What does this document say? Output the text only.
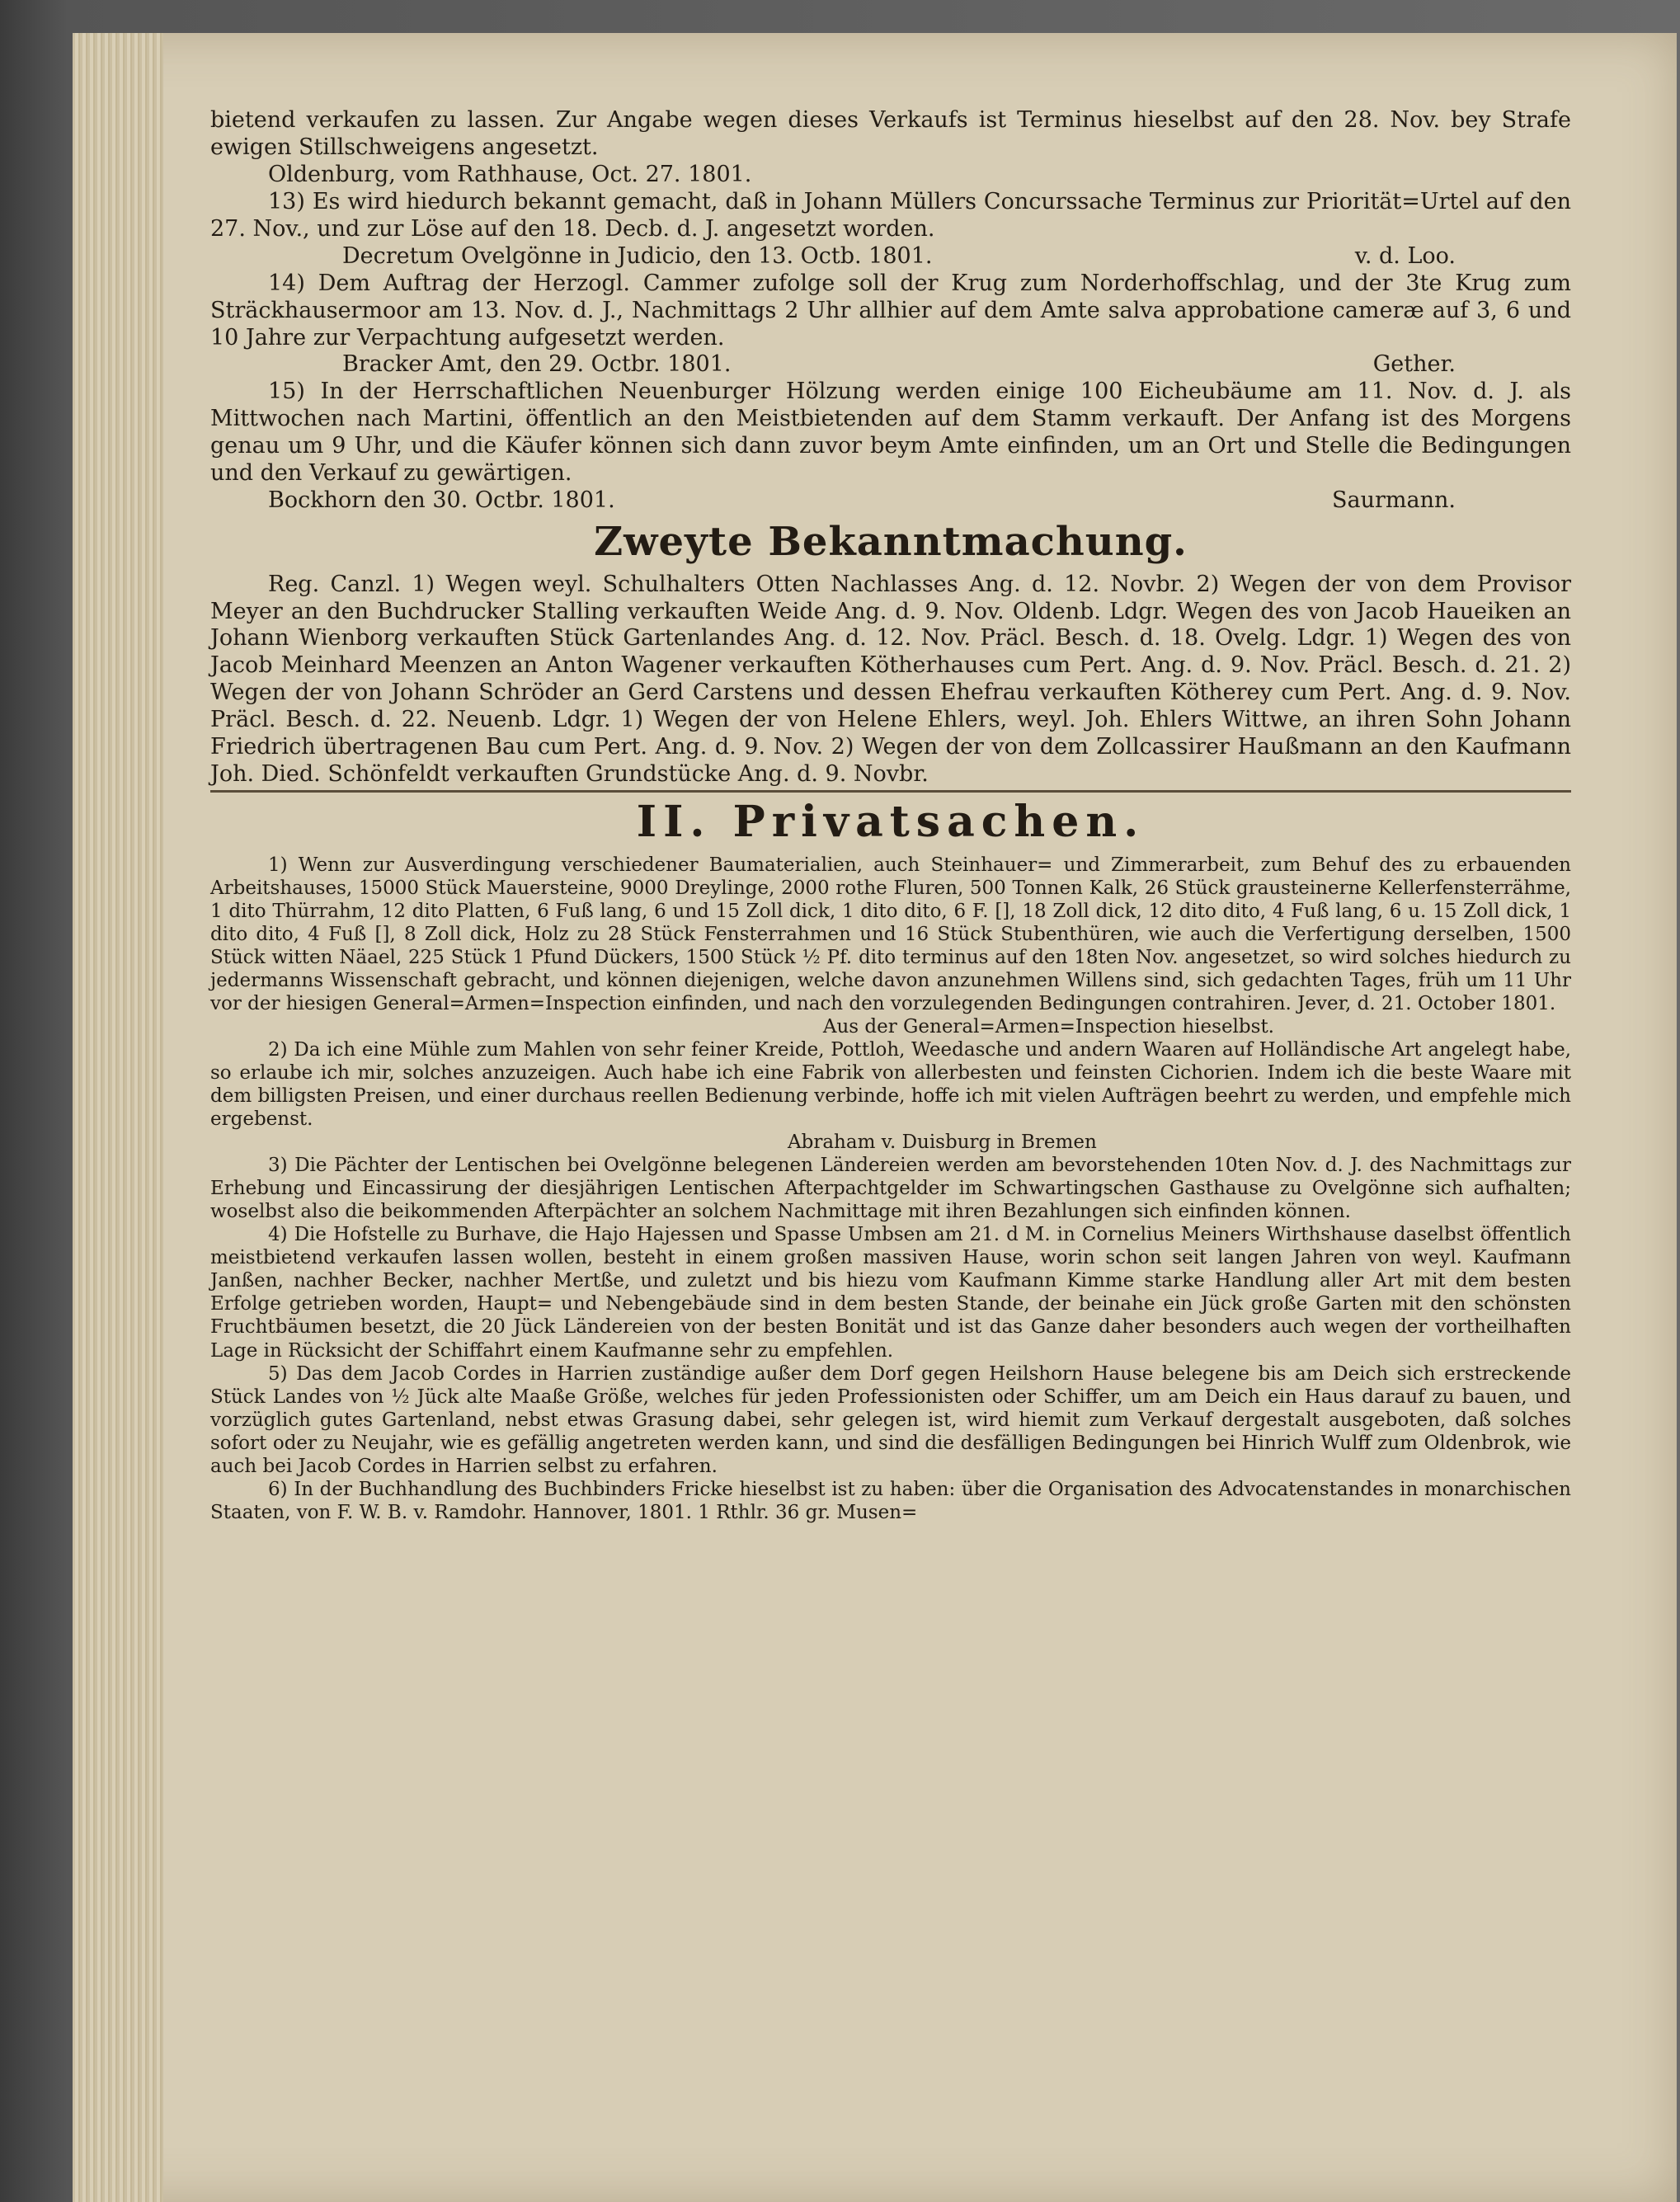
bietend verkaufen zu lassen. Zur Angabe wegen dieses Verkaufs ist Terminus hieselbst auf den 28. Nov. bey Strafe ewigen Stillschweigens angesetzt.

Oldenburg, vom Rathhause, Oct. 27. 1801.

13) Es wird hiedurch bekannt gemacht, daß in Johann Müllers Concurssache Terminus zur Priorität=Urtel auf den 27. Nov., und zur Löse auf den 18. Decb. d. J. angesetzt worden.

Decretum Ovelgönne in Judicio, den 13. Octb. 1801.	v. d. Loo.

14) Dem Auftrag der Herzogl. Cammer zufolge soll der Krug zum Norderhoffschlag, und der 3te Krug zum Sträckhausermoor am 13. Nov. d. J., Nachmittags 2 Uhr allhier auf dem Amte salva approbatione cameræ auf 3, 6 und 10 Jahre zur Verpachtung aufgesetzt werden.

Bracker Amt, den 29. Octbr. 1801.	Gether.

15) In der Herrschaftlichen Neuenburger Hölzung werden einige 100 Eicheubäume am 11. Nov. d. J. als Mittwochen nach Martini, öffentlich an den Meistbietenden auf dem Stamm verkauft. Der Anfang ist des Morgens genau um 9 Uhr, und die Käufer können sich dann zuvor beym Amte einfinden, um an Ort und Stelle die Bedingungen und den Verkauf zu gewärtigen.

Bockhorn den 30. Octbr. 1801.	Saurmann.
Zweyte Bekanntmachung.

Reg. Canzl. 1) Wegen weyl. Schulhalters Otten Nachlasses Ang. d. 12. Novbr. 2) Wegen der von dem Provisor Meyer an den Buchdrucker Stalling verkauften Weide Ang. d. 9. Nov. Oldenb. Ldgr. Wegen des von Jacob Haueiken an Johann Wienborg verkauften Stück Gartenlandes Ang. d. 12. Nov. Präcl. Besch. d. 18. Ovelg. Ldgr. 1) Wegen des von Jacob Meinhard Meenzen an Anton Wagener verkauften Kötherhauses cum Pert. Ang. d. 9. Nov. Präcl. Besch. d. 21. 2) Wegen der von Johann Schröder an Gerd Carstens und dessen Ehefrau verkauften Kötherey cum Pert. Ang. d. 9. Nov. Präcl. Besch. d. 22. Neuenb. Ldgr. 1) Wegen der von Helene Ehlers, weyl. Joh. Ehlers Wittwe, an ihren Sohn Johann Friedrich übertragenen Bau cum Pert. Ang. d. 9. Nov. 2) Wegen der von dem Zollcassirer Haußmann an den Kaufmann Joh. Died. Schönfeldt verkauften Grundstücke Ang. d. 9. Novbr.

II. Privatsachen.

1) Wenn zur Ausverdingung verschiedener Baumaterialien, auch Steinhauer= und Zimmerarbeit, zum Behuf des zu erbauenden Arbeitshauses, 15000 Stück Mauersteine, 9000 Dreylinge, 2000 rothe Fluren, 500 Tonnen Kalk, 26 Stück grausteinerne Kellerfensterrähme, 1 dito Thürrahm, 12 dito Platten, 6 Fuß lang, 6 und 15 Zoll dick, 1 dito dito, 6 F. [], 18 Zoll dick, 12 dito dito, 4 Fuß lang, 6 u. 15 Zoll dick, 1 dito dito, 4 Fuß [], 8 Zoll dick, Holz zu 28 Stück Fensterrahmen und 16 Stück Stubenthüren, wie auch die Verfertigung derselben, 1500 Stück witten Näael, 225 Stück 1 Pfund Dückers, 1500 Stück ½ Pf. dito terminus auf den 18ten Nov. angesetzet, so wird solches hiedurch zu jedermanns Wissenschaft gebracht, und können diejenigen, welche davon anzunehmen Willens sind, sich gedachten Tages, früh um 11 Uhr vor der hiesigen General=Armen=Inspection einfinden, und nach den vorzulegenden Bedingungen contrahiren. Jever, d. 21. October 1801.

Aus der General=Armen=Inspection hieselbst.

2) Da ich eine Mühle zum Mahlen von sehr feiner Kreide, Pottloh, Weedasche und andern Waaren auf Holländische Art angelegt habe, so erlaube ich mir, solches anzuzeigen. Auch habe ich eine Fabrik von allerbesten und feinsten Cichorien. Indem ich die beste Waare mit dem billigsten Preisen, und einer durchaus reellen Bedienung verbinde, hoffe ich mit vielen Aufträgen beehrt zu werden, und empfehle mich ergebenst.

Abraham v. Duisburg in Bremen

3) Die Pächter der Lentischen bei Ovelgönne belegenen Ländereien werden am bevorstehenden 10ten Nov. d. J. des Nachmittags zur Erhebung und Eincassirung der diesjährigen Lentischen Afterpachtgelder im Schwartingschen Gasthause zu Ovelgönne sich aufhalten; woselbst also die beikommenden Afterpächter an solchem Nachmittage mit ihren Bezahlungen sich einfinden können.

4) Die Hofstelle zu Burhave, die Hajo Hajessen und Spasse Umbsen am 21. d M. in Cornelius Meiners Wirthshause daselbst öffentlich meistbietend verkaufen lassen wollen, besteht in einem großen massiven Hause, worin schon seit langen Jahren von weyl. Kaufmann Janßen, nachher Becker, nachher Mertße, und zuletzt und bis hiezu vom Kaufmann Kimme starke Handlung aller Art mit dem besten Erfolge getrieben worden, Haupt= und Nebengebäude sind in dem besten Stande, der beinahe ein Jück große Garten mit den schönsten Fruchtbäumen besetzt, die 20 Jück Ländereien von der besten Bonität und ist das Ganze daher besonders auch wegen der vortheilhaften Lage in Rücksicht der Schiffahrt einem Kaufmanne sehr zu empfehlen.

5) Das dem Jacob Cordes in Harrien zuständige außer dem Dorf gegen Heilshorn Hause belegene bis am Deich sich erstreckende Stück Landes von ½ Jück alte Maaße Größe, welches für jeden Professionisten oder Schiffer, um am Deich ein Haus darauf zu bauen, und vorzüglich gutes Gartenland, nebst etwas Grasung dabei, sehr gelegen ist, wird hiemit zum Verkauf dergestalt ausgeboten, daß solches sofort oder zu Neujahr, wie es gefällig angetreten werden kann, und sind die desfälligen Bedingungen bei Hinrich Wulff zum Oldenbrok, wie auch bei Jacob Cordes in Harrien selbst zu erfahren.

6) In der Buchhandlung des Buchbinders Fricke hieselbst ist zu haben: über die Organisation des Advocatenstandes in monarchischen Staaten, von F. W. B. v. Ramdohr. Hannover, 1801. 1 Rthlr. 36 gr. Musen=
